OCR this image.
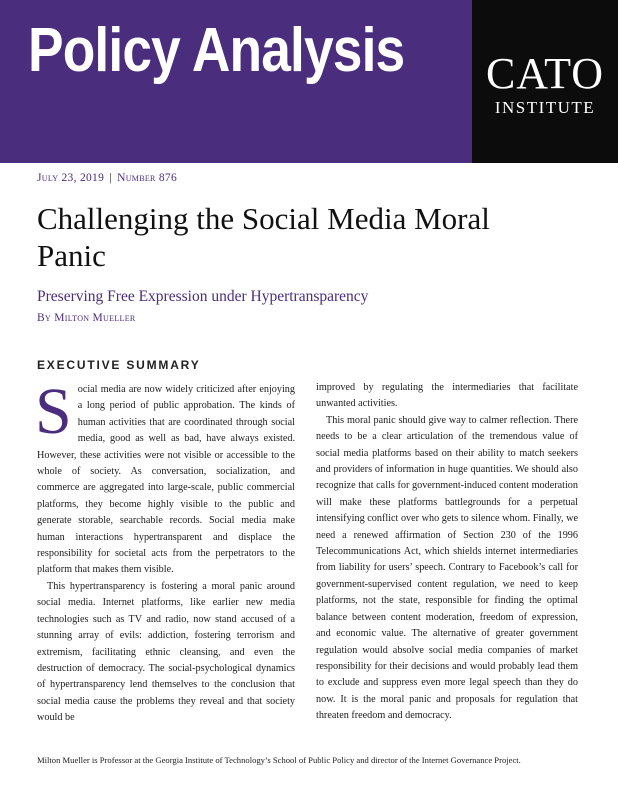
Policy Analysis	CATO
INSTITUTE
July 23, 2019 | Number 876
Challenging the Social Media Moral Panic
Preserving Free Expression under Hypertransparency
By Milton Mueller
EXECUTIVE SUMMARY

Social media are now widely criticized after enjoying a long period of public approbation. The kinds of human activities that are coordinated through social media, good as well as bad, have always existed. However, these activities were not visible or accessible to the whole of society. As conversation, socialization, and commerce are aggregated into large-scale, public commercial platforms, they become highly visible to the public and generate storable, searchable records. Social media make human interactions hypertransparent and displace the responsibility for societal acts from the perpetrators to the platform that makes them visible.

This hypertransparency is fostering a moral panic around social media. Internet platforms, like earlier new media technologies such as TV and radio, now stand accused of a stunning array of evils: addiction, fostering terrorism and extremism, facilitating ethnic cleansing, and even the destruction of democracy. The social-psychological dynamics of hypertransparency lend themselves to the conclusion that social media cause the problems they reveal and that society would be

improved by regulating the intermediaries that facilitate unwanted activities.

This moral panic should give way to calmer reflection. There needs to be a clear articulation of the tremendous value of social media platforms based on their ability to match seekers and providers of information in huge quantities. We should also recognize that calls for government-induced content moderation will make these platforms battlegrounds for a perpetual intensifying conflict over who gets to silence whom. Finally, we need a renewed affirmation of Section 230 of the 1996 Telecommunications Act, which shields internet intermediaries from liability for users’ speech. Contrary to Facebook’s call for government-supervised content regulation, we need to keep platforms, not the state, responsible for finding the optimal balance between content moderation, freedom of expression, and economic value. The alternative of greater government regulation would absolve social media companies of market responsibility for their decisions and would probably lead them to exclude and suppress even more legal speech than they do now. It is the moral panic and proposals for regulation that threaten freedom and democracy.

Milton Mueller is Professor at the Georgia Institute of Technology’s School of Public Policy and director of the Internet Governance Project.
